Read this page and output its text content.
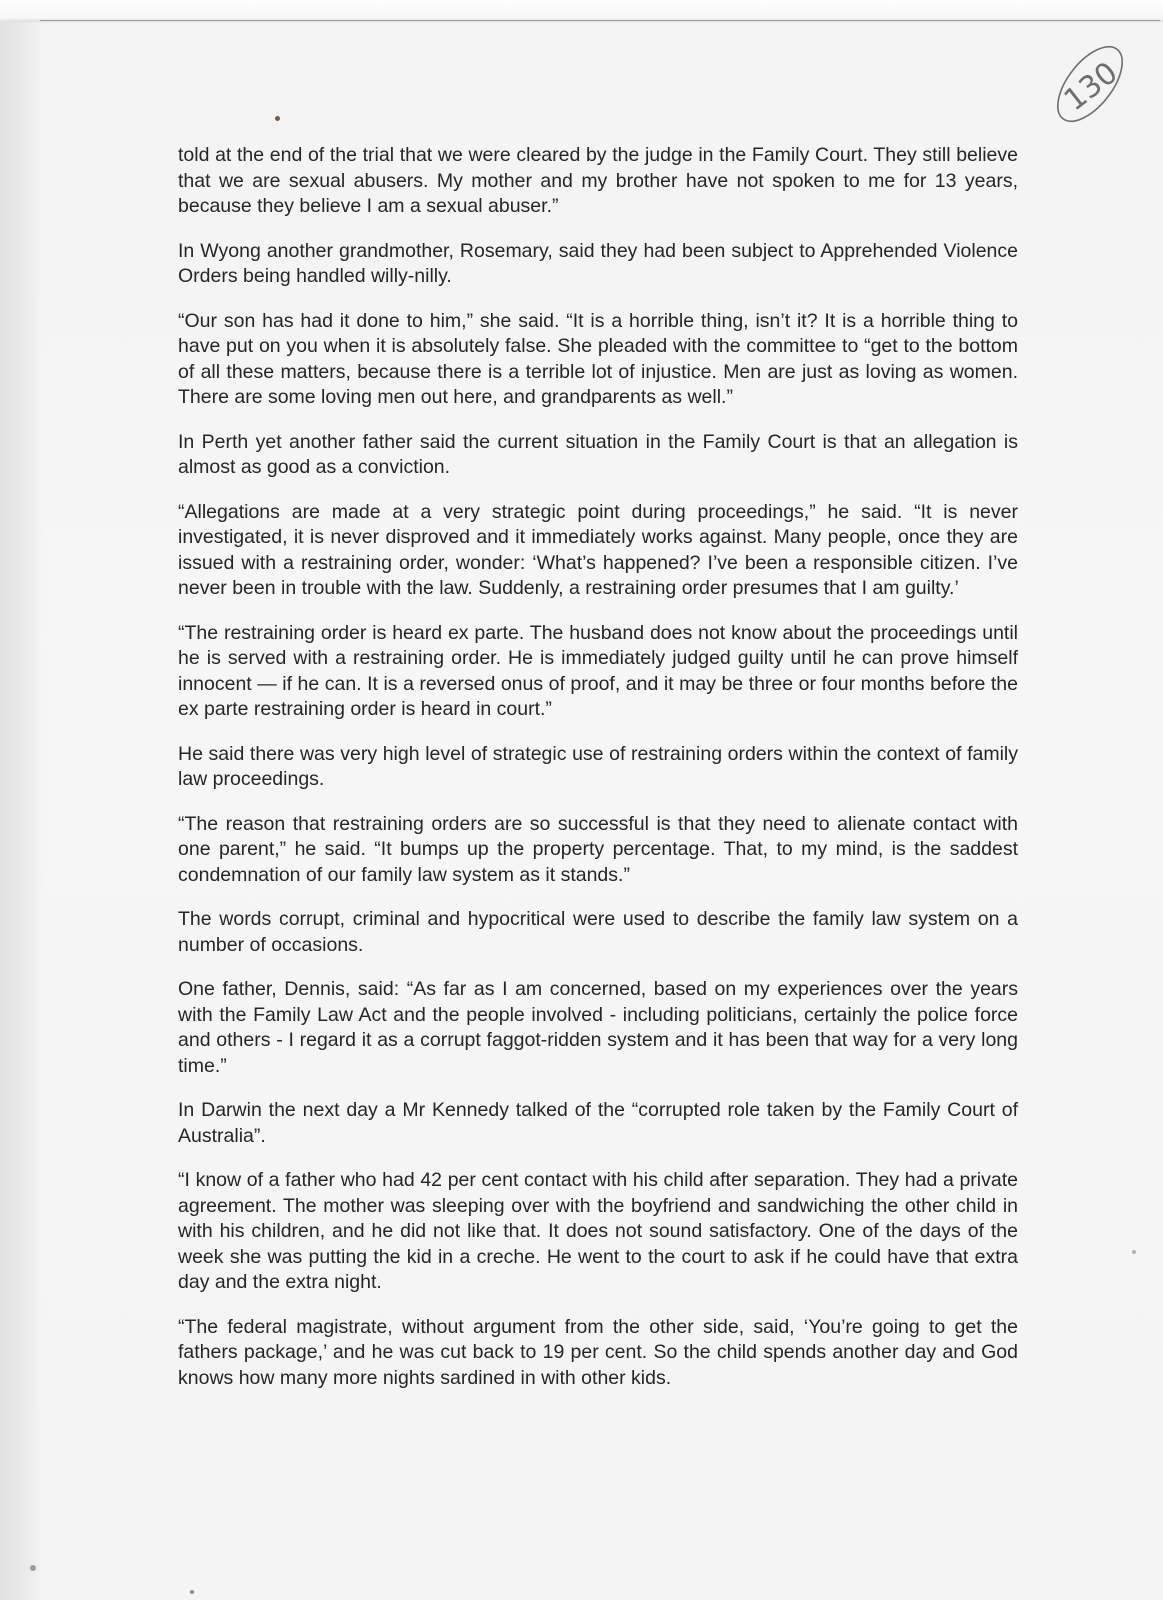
130

told at the end of the trial that we were cleared by the judge in the Family Court. They still believe that we are sexual abusers. My mother and my brother have not spoken to me for 13 years, because they believe I am a sexual abuser.”

In Wyong another grandmother, Rosemary, said they had been subject to Apprehended Violence Orders being handled willy-nilly.

“Our son has had it done to him,” she said. “It is a horrible thing, isn’t it? It is a horrible thing to have put on you when it is absolutely false. She pleaded with the committee to “get to the bottom of all these matters, because there is a terrible lot of injustice. Men are just as loving as women. There are some loving men out here, and grandparents as well.”

In Perth yet another father said the current situation in the Family Court is that an allegation is almost as good as a conviction.

“Allegations are made at a very strategic point during proceedings,” he said. “It is never investigated, it is never disproved and it immediately works against. Many people, once they are issued with a restraining order, wonder: ‘What’s happened? I’ve been a responsible citizen. I’ve never been in trouble with the law. Suddenly, a restraining order presumes that I am guilty.’

“The restraining order is heard ex parte. The husband does not know about the proceedings until he is served with a restraining order. He is immediately judged guilty until he can prove himself innocent — if he can. It is a reversed onus of proof, and it may be three or four months before the ex parte restraining order is heard in court.”

He said there was very high level of strategic use of restraining orders within the context of family law proceedings.

“The reason that restraining orders are so successful is that they need to alienate contact with one parent,” he said. “It bumps up the property percentage. That, to my mind, is the saddest condemnation of our family law system as it stands.”

The words corrupt, criminal and hypocritical were used to describe the family law system on a number of occasions.

One father, Dennis, said: “As far as I am concerned, based on my experiences over the years with the Family Law Act and the people involved - including politicians, certainly the police force and others - I regard it as a corrupt faggot-ridden system and it has been that way for a very long time.”

In Darwin the next day a Mr Kennedy talked of the “corrupted role taken by the Family Court of Australia”.

“I know of a father who had 42 per cent contact with his child after separation. They had a private agreement. The mother was sleeping over with the boyfriend and sandwiching the other child in with his children, and he did not like that. It does not sound satisfactory. One of the days of the week she was putting the kid in a creche. He went to the court to ask if he could have that extra day and the extra night.

“The federal magistrate, without argument from the other side, said, ‘You’re going to get the fathers package,’ and he was cut back to 19 per cent. So the child spends another day and God knows how many more nights sardined in with other kids.
